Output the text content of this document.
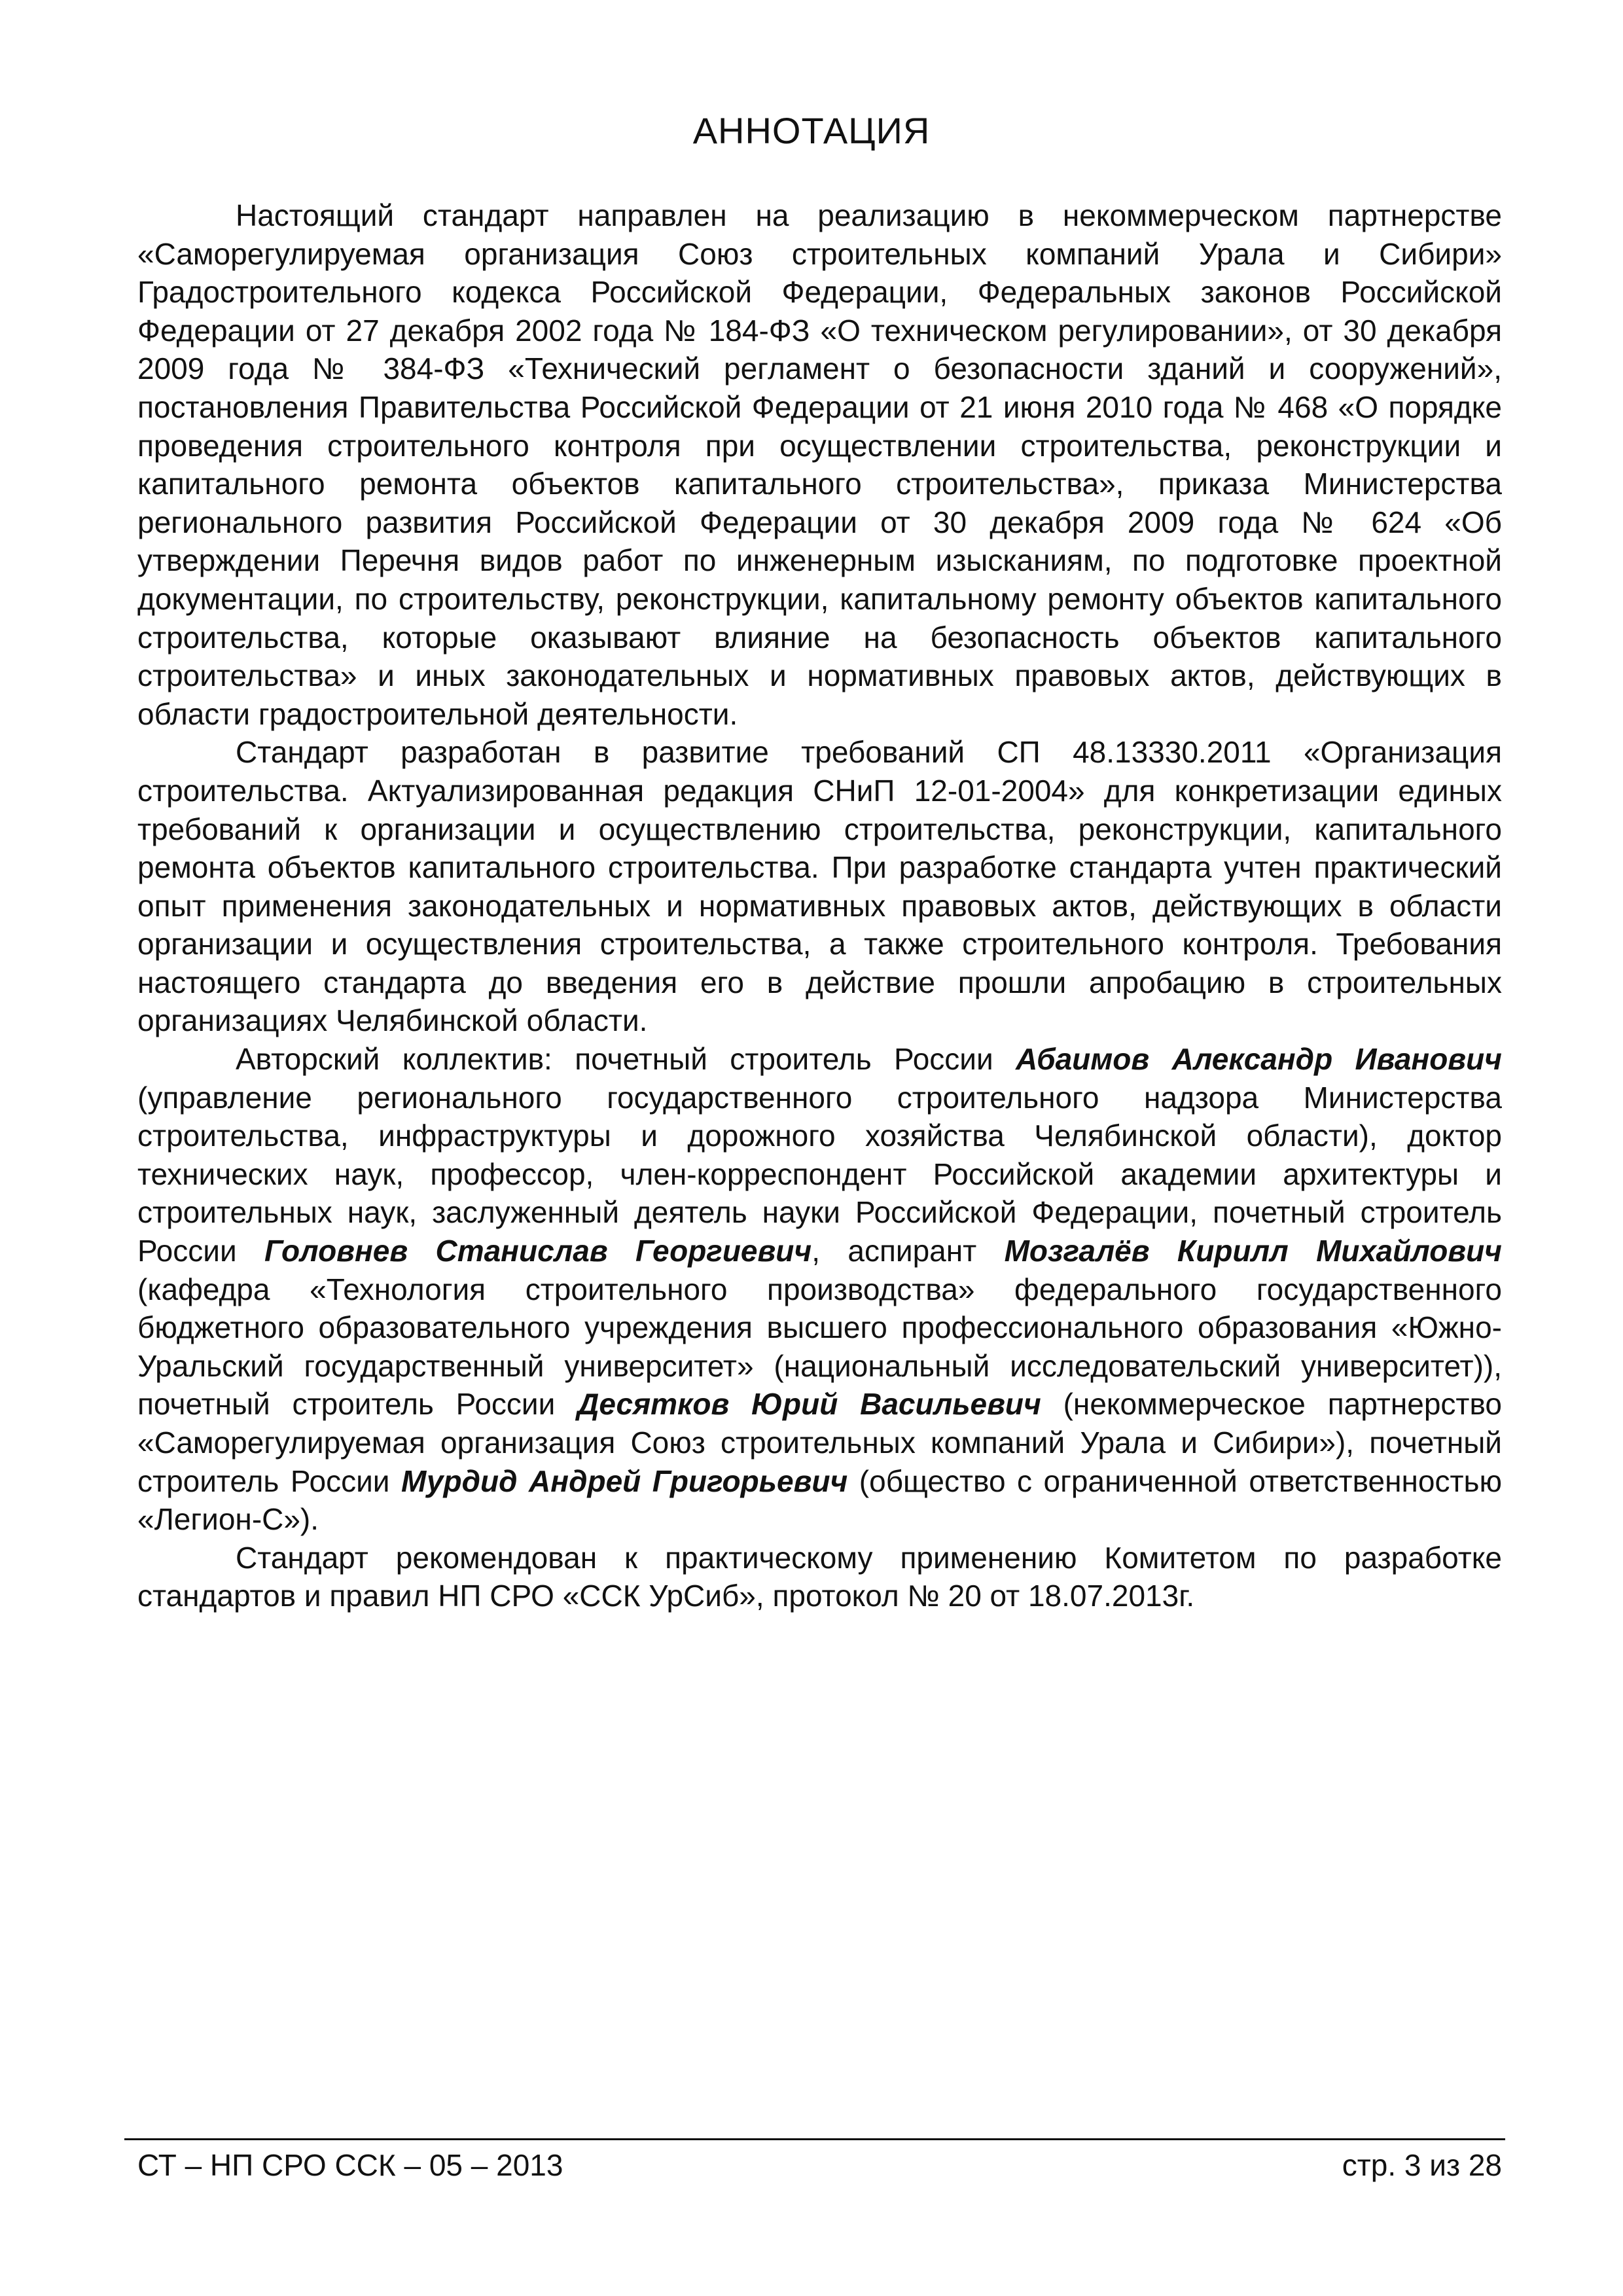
АННОТАЦИЯ

Настоящий стандарт направлен на реализацию в некоммерческом партнерстве «Саморегулируемая организация Союз строительных компаний Урала и Сибири» Градостроительного кодекса Российской Федерации, Федеральных законов Российской Федерации от 27 декабря 2002 года № 184-ФЗ «О техническом регулировании», от 30 декабря 2009 года № 384-ФЗ «Технический регламент о безопасности зданий и сооружений», постановления Правительства Российской Федерации от 21 июня 2010 года № 468 «О порядке проведения строительного контроля при осуществлении строительства, реконструкции и капитального ремонта объектов капитального строительства», приказа Министерства регионального развития Российской Федерации от 30 декабря 2009 года № 624 «Об утверждении Перечня видов работ по инженерным изысканиям, по подготовке проектной документации, по строительству, реконструкции, капитальному ремонту объектов капитального строительства, которые оказывают влияние на безопасность объектов капитального строительства» и иных законодательных и нормативных правовых актов, действующих в области градостроительной деятельности.

Стандарт разработан в развитие требований СП 48.13330.2011 «Организация строительства. Актуализированная редакция СНиП 12-01-2004» для конкретизации единых требований к организации и осуществлению строительства, реконструкции, капитального ремонта объектов капитального строительства. При разработке стандарта учтен практический опыт применения законодательных и нормативных правовых актов, действующих в области организации и осуществления строительства, а также строительного контроля. Требования настоящего стандарта до введения его в действие прошли апробацию в строительных организациях Челябинской области.

Авторский коллектив: почетный строитель России Абаимов Александр Иванович (управление регионального государственного строительного надзора Министерства строительства, инфраструктуры и дорожного хозяйства Челябинской области), доктор технических наук, профессор, член-корреспондент Российской академии архитектуры и строительных наук, заслуженный деятель науки Российской Федерации, почетный строитель России Головнев Станислав Георгиевич, аспирант Мозгалёв Кирилл Михайлович (кафедра «Технология строительного производства» федерального государственного бюджетного образовательного учреждения высшего профессионального образования «Южно-Уральский государственный университет» (национальный исследовательский университет)), почетный строитель России Десятков Юрий Васильевич (некоммерческое партнерство «Саморегулируемая организация Союз строительных компаний Урала и Сибири»), почетный строитель России Мурдид Андрей Григорьевич (общество с ограниченной ответственностью «Легион-С»).

Стандарт рекомендован к практическому применению Комитетом по разработке стандартов и правил НП СРО «ССК УрСиб», протокол № 20 от 18.07.2013г.

СТ – НП СРО ССК – 05 – 2013	стр. 3 из 28
